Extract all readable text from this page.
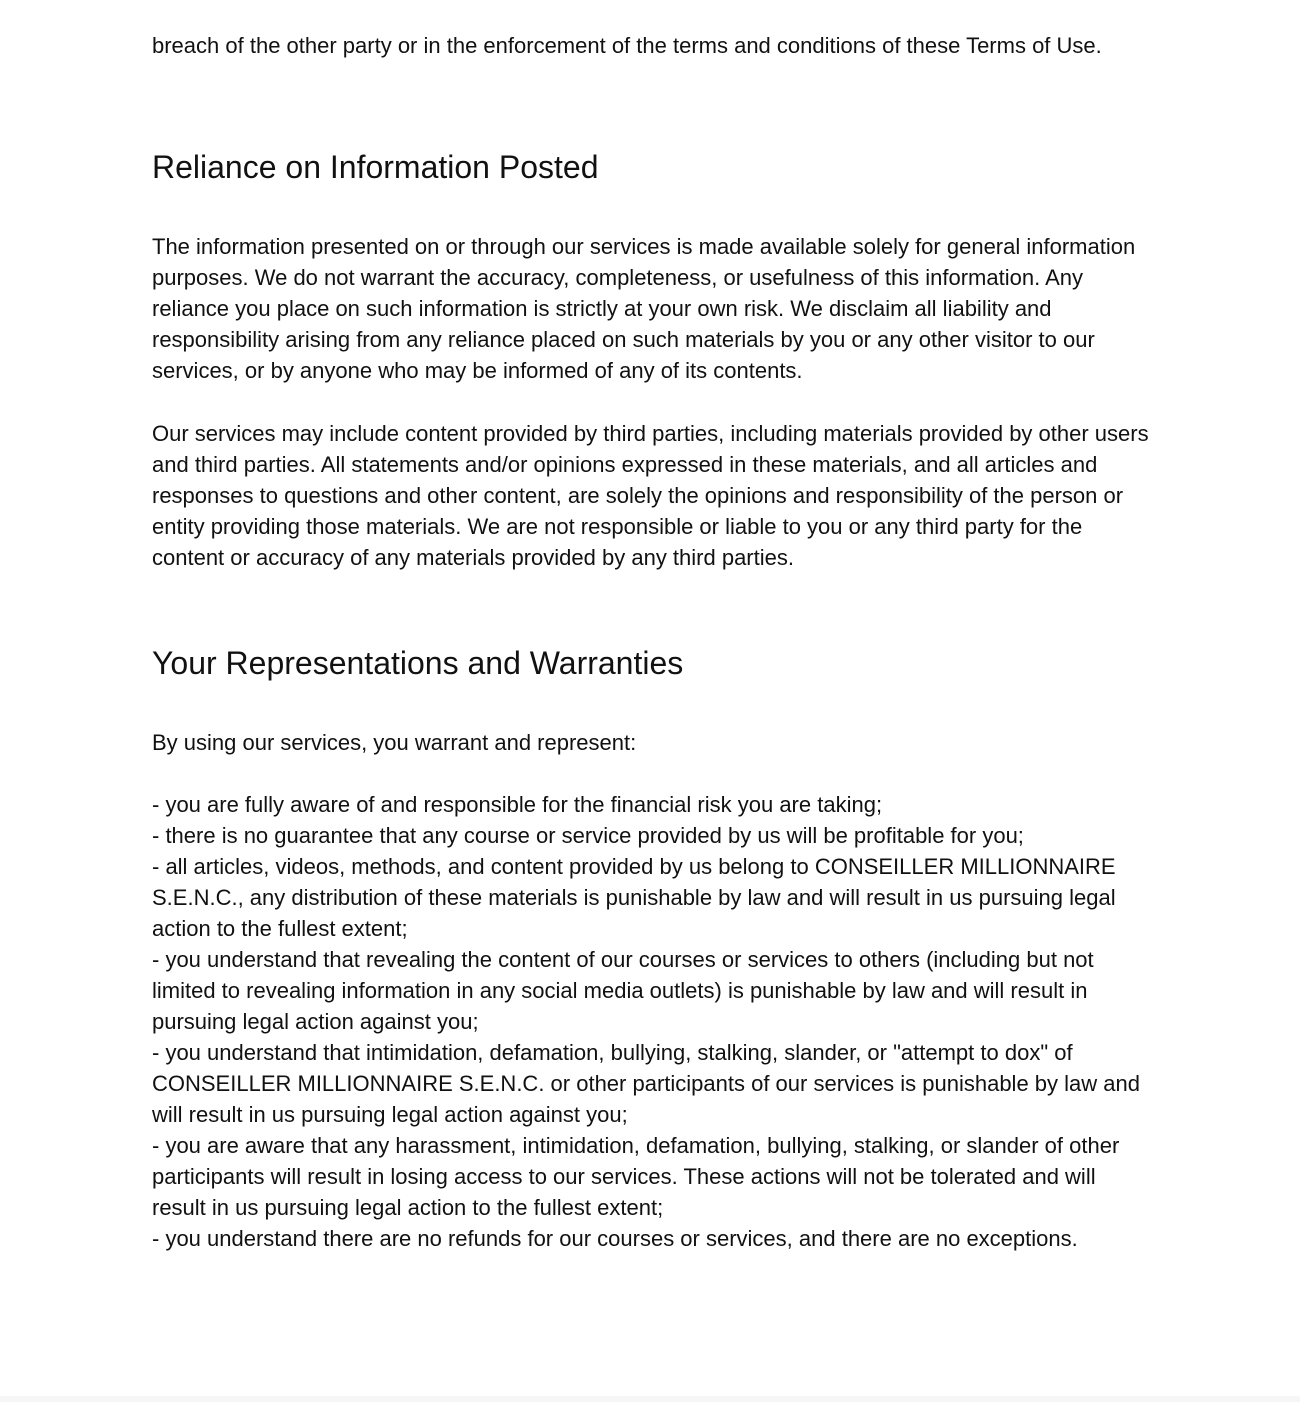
breach of the other party or in the enforcement of the terms and conditions of these Terms of Use.

Reliance on Information Posted

The information presented on or through our services is made available solely for general information purposes. We do not warrant the accuracy, completeness, or usefulness of this information. Any reliance you place on such information is strictly at your own risk. We disclaim all liability and responsibility arising from any reliance placed on such materials by you or any other visitor to our services, or by anyone who may be informed of any of its contents.

Our services may include content provided by third parties, including materials provided by other users and third parties. All statements and/or opinions expressed in these materials, and all articles and responses to questions and other content, are solely the opinions and responsibility of the person or entity providing those materials. We are not responsible or liable to you or any third party for the content or accuracy of any materials provided by any third parties.

Your Representations and Warranties

By using our services, you warrant and represent:

- you are fully aware of and responsible for the financial risk you are taking;
- there is no guarantee that any course or service provided by us will be profitable for you;
- all articles, videos, methods, and content provided by us belong to CONSEILLER MILLIONNAIRE S.E.N.C., any distribution of these materials is punishable by law and will result in us pursuing legal action to the fullest extent;
- you understand that revealing the content of our courses or services to others (including but not limited to revealing information in any social media outlets) is punishable by law and will result in pursuing legal action against you;
- you understand that intimidation, defamation, bullying, stalking, slander, or "attempt to dox" of CONSEILLER MILLIONNAIRE S.E.N.C. or other participants of our services is punishable by law and will result in us pursuing legal action against you;
- you are aware that any harassment, intimidation, defamation, bullying, stalking, or slander of other participants will result in losing access to our services. These actions will not be tolerated and will result in us pursuing legal action to the fullest extent;
- you understand there are no refunds for our courses or services, and there are no exceptions.
